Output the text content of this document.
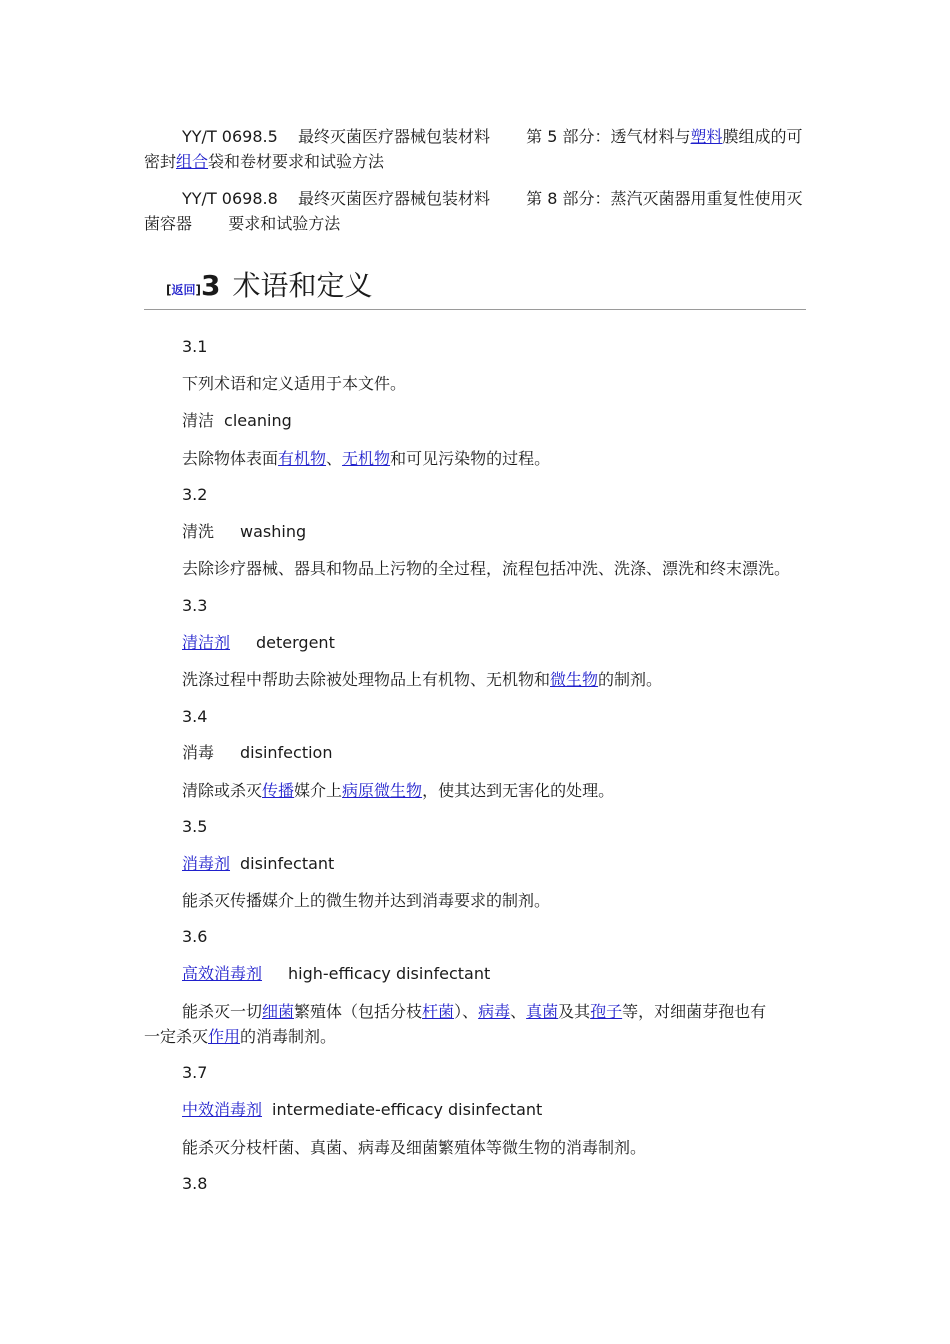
YY/T 0698.5 最终灭菌医疗器械包装材料 第 5 部分：透气材料与塑料膜组成的可
密封组合袋和卷材要求和试验方法
YY/T 0698.8 最终灭菌医疗器械包装材料 第 8 部分：蒸汽灭菌器用重复性使用灭
菌容器 要求和试验方法
[返回]3 术语和定义
3.1
下列术语和定义适用于本文件。
清洁 cleaning
去除物体表面有机物、无机物和可见污染物的过程。
3.2
清洗 washing
去除诊疗器械、器具和物品上污物的全过程，流程包括冲洗、洗涤、漂洗和终末漂洗。
3.3
清洁剂 detergent
洗涤过程中帮助去除被处理物品上有机物、无机物和微生物的制剂。
3.4
消毒 disinfection
清除或杀灭传播媒介上病原微生物，使其达到无害化的处理。
3.5
消毒剂 disinfectant
能杀灭传播媒介上的微生物并达到消毒要求的制剂。
3.6
高效消毒剂 high-efficacy disinfectant
能杀灭一切细菌繁殖体（包括分枝杆菌）、病毒、真菌及其孢子等，对细菌芽孢也有
一定杀灭作用的消毒制剂。
3.7
中效消毒剂 intermediate-efficacy disinfectant
能杀灭分枝杆菌、真菌、病毒及细菌繁殖体等微生物的消毒制剂。
3.8
